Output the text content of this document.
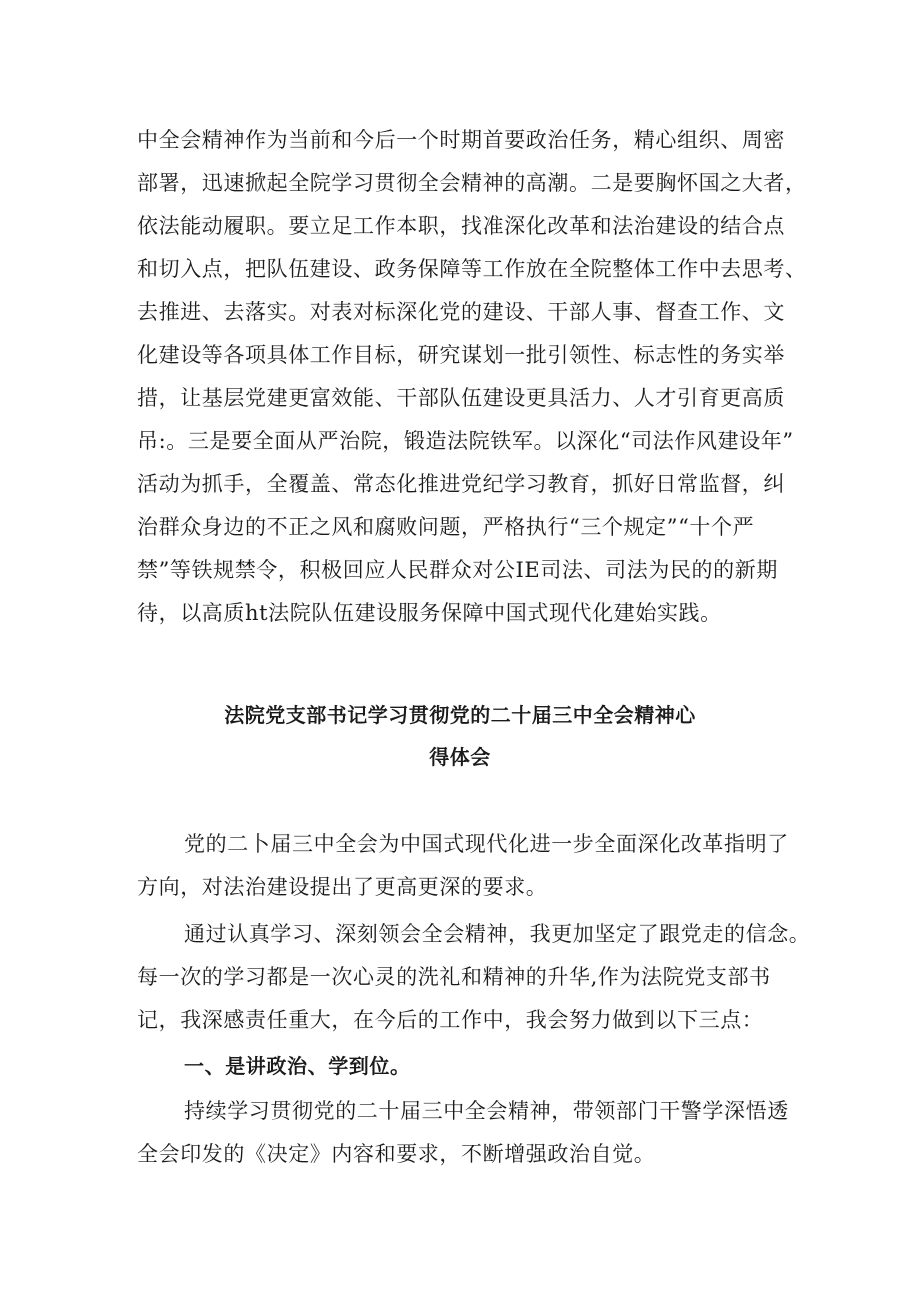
中全会精神作为当前和今后一个时期首要政治任务，精心组织、周密
部署，迅速掀起全院学习贯彻全会精神的高潮。二是要胸怀国之大者，
依法能动履职。要立足工作本职，找准深化改革和法治建设的结合点
和切入点，把队伍建设、政务保障等工作放在全院整体工作中去思考、
去推进、去落实。对表对标深化党的建设、干部人事、督查工作、文
化建设等各项具体工作目标，研究谋划一批引领性、标志性的务实举
措，让基层党建更富效能、干部队伍建设更具活力、人才引育更高质
吊:。三是要全面从严治院，锻造法院铁军。以深化“司法作风建设年”
活动为抓手，全覆盖、常态化推进党纪学习教育，抓好日常监督，纠
治群众身边的不正之风和腐败问题，严格执行“三个规定”“十个严
禁”等铁规禁令，积极回应人民群众对公IE司法、司法为民的的新期
待，以高质ht法院队伍建设服务保障中国式现代化建始实践。
法院党支部书记学习贯彻党的二十届三中全会精神心
得体会
党的二卜届三中全会为中国式现代化进一步全面深化改革指明了
方向，对法治建设提出了更高更深的要求。
通过认真学习、深刻领会全会精神，我更加坚定了跟党走的信念。
每一次的学习都是一次心灵的洗礼和精神的升华,作为法院党支部书
记，我深感责任重大，在今后的工作中，我会努力做到以下三点：
一、是讲政治、学到位。
持续学习贯彻党的二十届三中全会精神，带领部门干警学深悟透
全会印发的《决定》内容和要求，不断增强政治自觉。
